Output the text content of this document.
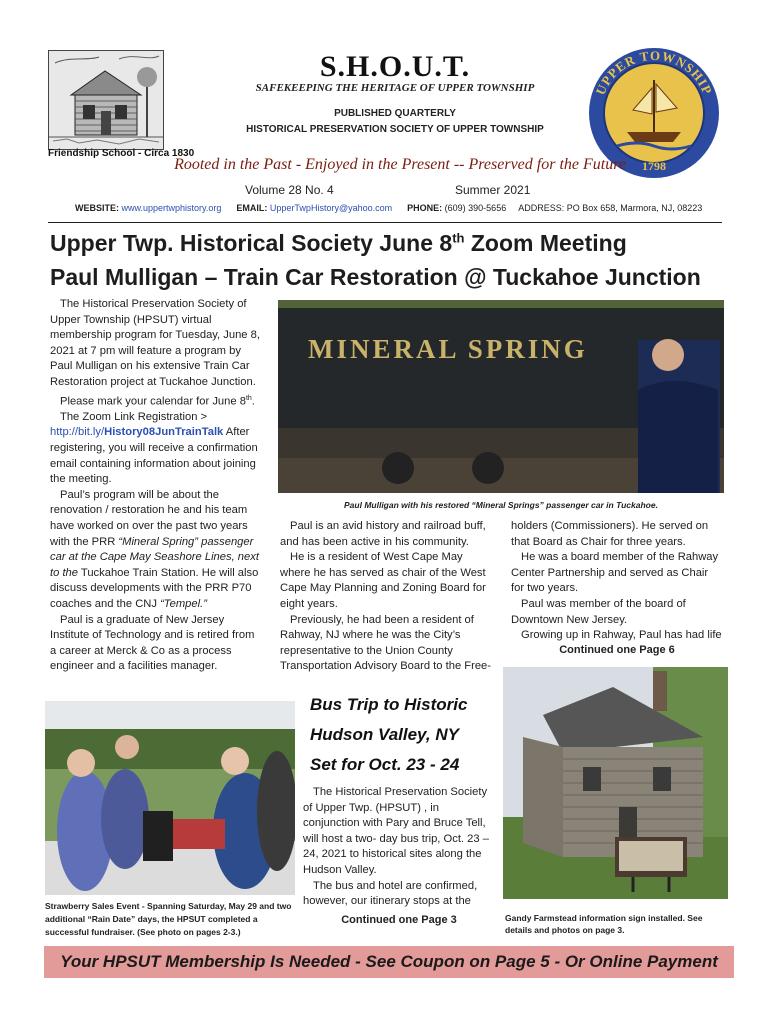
Friendship School - Circa 1830
S.H.O.U.T.
SAFEKEEPING THE HERITAGE OF UPPER TOWNSHIP
PUBLISHED QUARTERLY
HISTORICAL PRESERVATION SOCIETY OF UPPER TOWNSHIP
UPPER TOWNSHIP
1798
Rooted in the Past - Enjoyed in the Present -- Preserved for the Future
Volume 28 No. 4	Summer 2021
WEBSITE: www.uppertwphistory.org EMAIL: UpperTwpHistory@yahoo.com PHONE: (609) 390-5656 ADDRESS: PO Box 658, Marmora, NJ, 08223
Upper Twp. Historical Society June 8th Zoom Meeting
Paul Mulligan – Train Car Restoration @ Tuckahoe Junction

The Historical Preservation Society of Upper Township (HPSUT) virtual membership program for Tuesday, June 8, 2021 at 7 pm will feature a program by Paul Mulligan on his extensive Train Car Restoration project at Tuckahoe Junction.

Please mark your calendar for June 8th.

The Zoom Link Registration > http://bit.ly/History08JunTrainTalk After registering, you will receive a confirmation email containing information about joining the meeting.

Paul’s program will be about the renovation / restoration he and his team have worked on over the past two years with the PRR “Mineral Spring” passenger car at the Cape May Seashore Lines, next to the Tuckahoe Train Station. He will also discuss developments with the PRR P70 coaches and the CNJ “Tempel.”

Paul is a graduate of New Jersey Institute of Technology and is retired from a career at Merck & Co as a process engineer and a facilities manager.

MINERAL SPRING
Paul Mulligan with his restored “Mineral Springs” passenger car in Tuckahoe.

Paul is an avid history and railroad buff, and has been active in his community.

He is a resident of West Cape May where he has served as chair of the West Cape May Planning and Zoning Board for eight years.

Previously, he had been a resident of Rahway, NJ where he was the City’s representative to the Union County Transportation Advisory Board to the Free-

holders (Commissioners). He served on that Board as Chair for three years.

He was a board member of the Rahway Center Partnership and served as Chair for two years.

Paul was member of the board of Downtown New Jersey.

Growing up in Rahway, Paul has had life

Continued one Page 6
Strawberry Sales Event - Spanning Saturday, May 29 and two additional “Rain Date” days, the HPSUT completed a successful fundraiser. (See photo on pages 2-3.)
Bus Trip to Historic
Hudson Valley, NY
Set for Oct. 23 - 24

The Historical Preservation Society of Upper Twp. (HPSUT) , in conjunction with Pary and Bruce Tell, will host a two- day bus trip, Oct. 23 – 24, 2021 to historical sites along the Hudson Valley.

The bus and hotel are confirmed, however, our itinerary stops at the

Continued one Page 3	Gandy Farmstead information sign installed. See details and photos on page 3.
Your HPSUT Membership Is Needed - See Coupon on Page 5 - Or Online Payment
